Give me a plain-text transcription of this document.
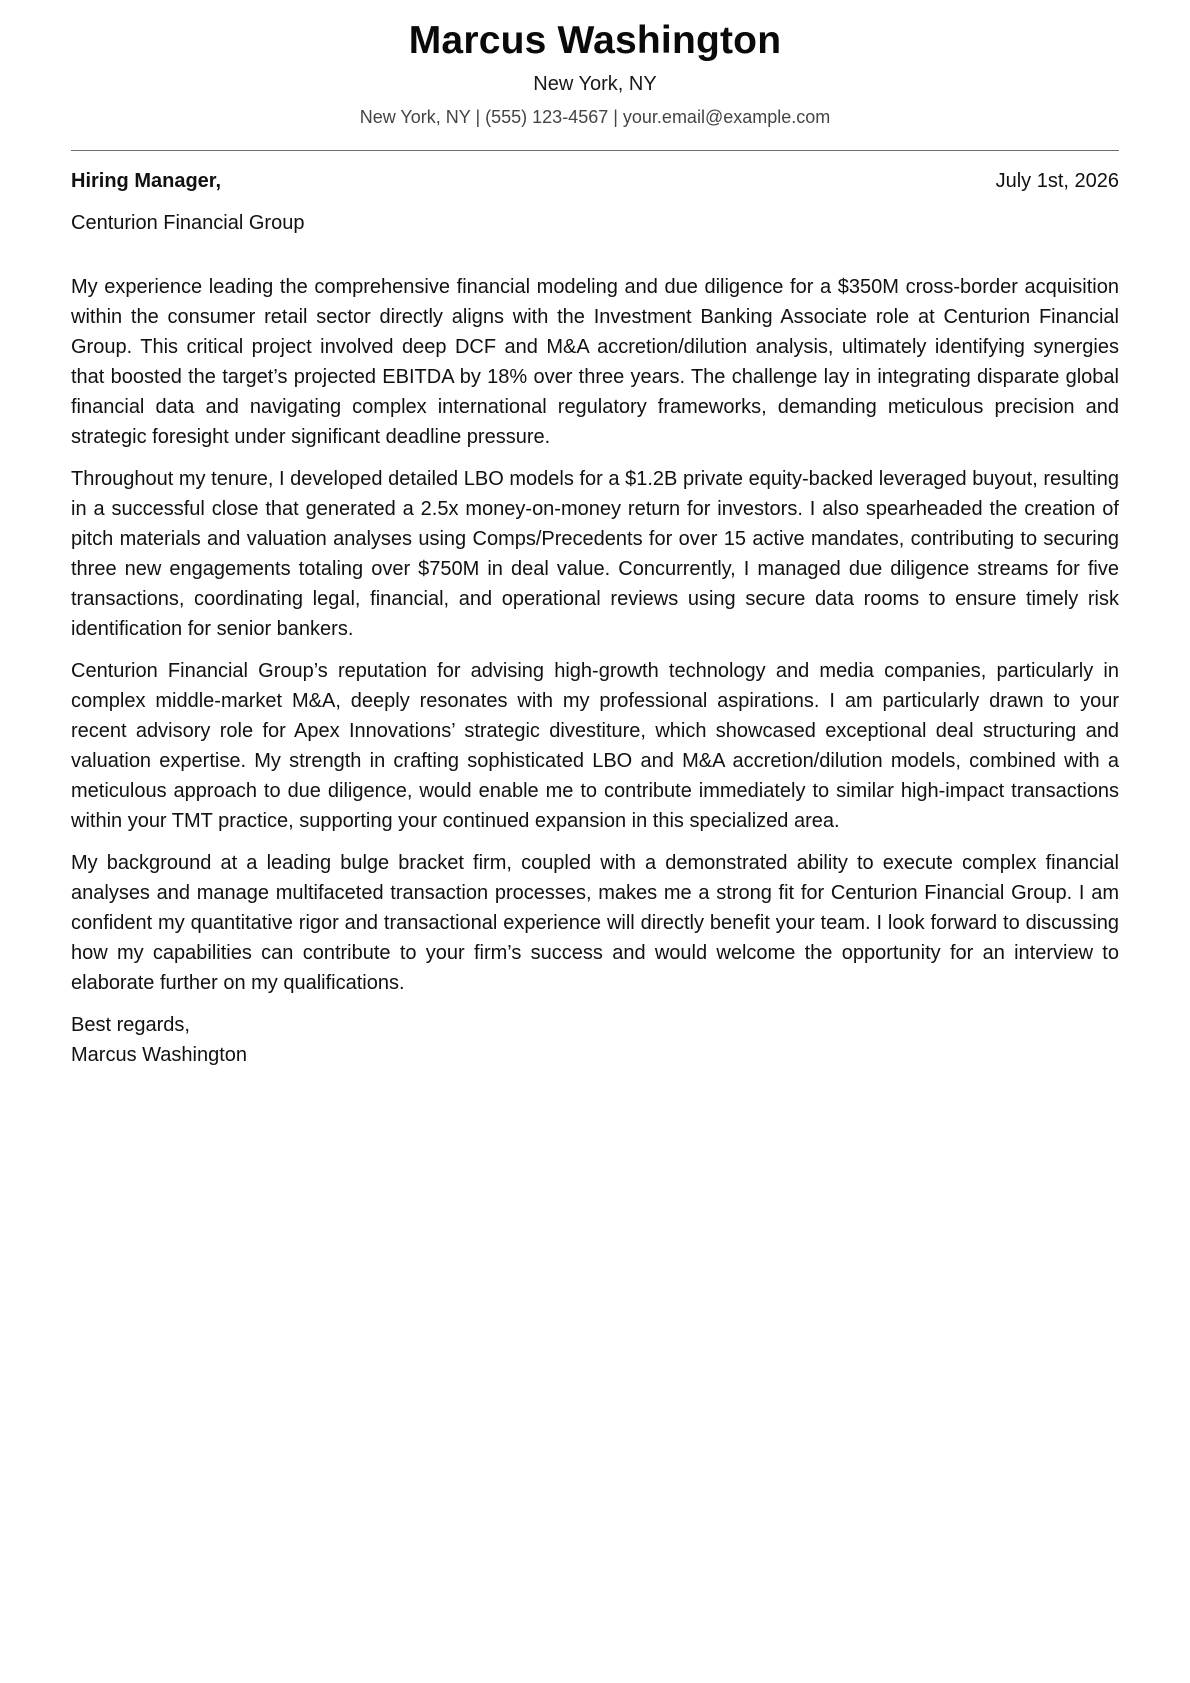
Marcus Washington
New York, NY
New York, NY | (555) 123-4567 | your.email@example.com
Hiring Manager,	July 1st, 2026
Centurion Financial Group

My experience leading the comprehensive financial modeling and due diligence for a $350M cross-border acquisition within the consumer retail sector directly aligns with the Investment Banking Associate role at Centurion Financial Group. This critical project involved deep DCF and M&A accretion/dilution analysis, ultimately identifying synergies that boosted the target’s projected EBITDA by 18% over three years. The challenge lay in integrating disparate global financial data and navigating complex international regulatory frameworks, demanding meticulous precision and strategic foresight under significant deadline pressure.

Throughout my tenure, I developed detailed LBO models for a $1.2B private equity-backed leveraged buyout, resulting in a successful close that generated a 2.5x money-on-money return for investors. I also spearheaded the creation of pitch materials and valuation analyses using Comps/Precedents for over 15 active mandates, contributing to securing three new engagements totaling over $750M in deal value. Concurrently, I managed due diligence streams for five transactions, coordinating legal, financial, and operational reviews using secure data rooms to ensure timely risk identification for senior bankers.

Centurion Financial Group’s reputation for advising high-growth technology and media companies, particularly in complex middle-market M&A, deeply resonates with my professional aspirations. I am particularly drawn to your recent advisory role for Apex Innovations’ strategic divestiture, which showcased exceptional deal structuring and valuation expertise. My strength in crafting sophisticated LBO and M&A accretion/dilution models, combined with a meticulous approach to due diligence, would enable me to contribute immediately to similar high-impact transactions within your TMT practice, supporting your continued expansion in this specialized area.

My background at a leading bulge bracket firm, coupled with a demonstrated ability to execute complex financial analyses and manage multifaceted transaction processes, makes me a strong fit for Centurion Financial Group. I am confident my quantitative rigor and transactional experience will directly benefit your team. I look forward to discussing how my capabilities can contribute to your firm’s success and would welcome the opportunity for an interview to elaborate further on my qualifications.

Best regards,
Marcus Washington
